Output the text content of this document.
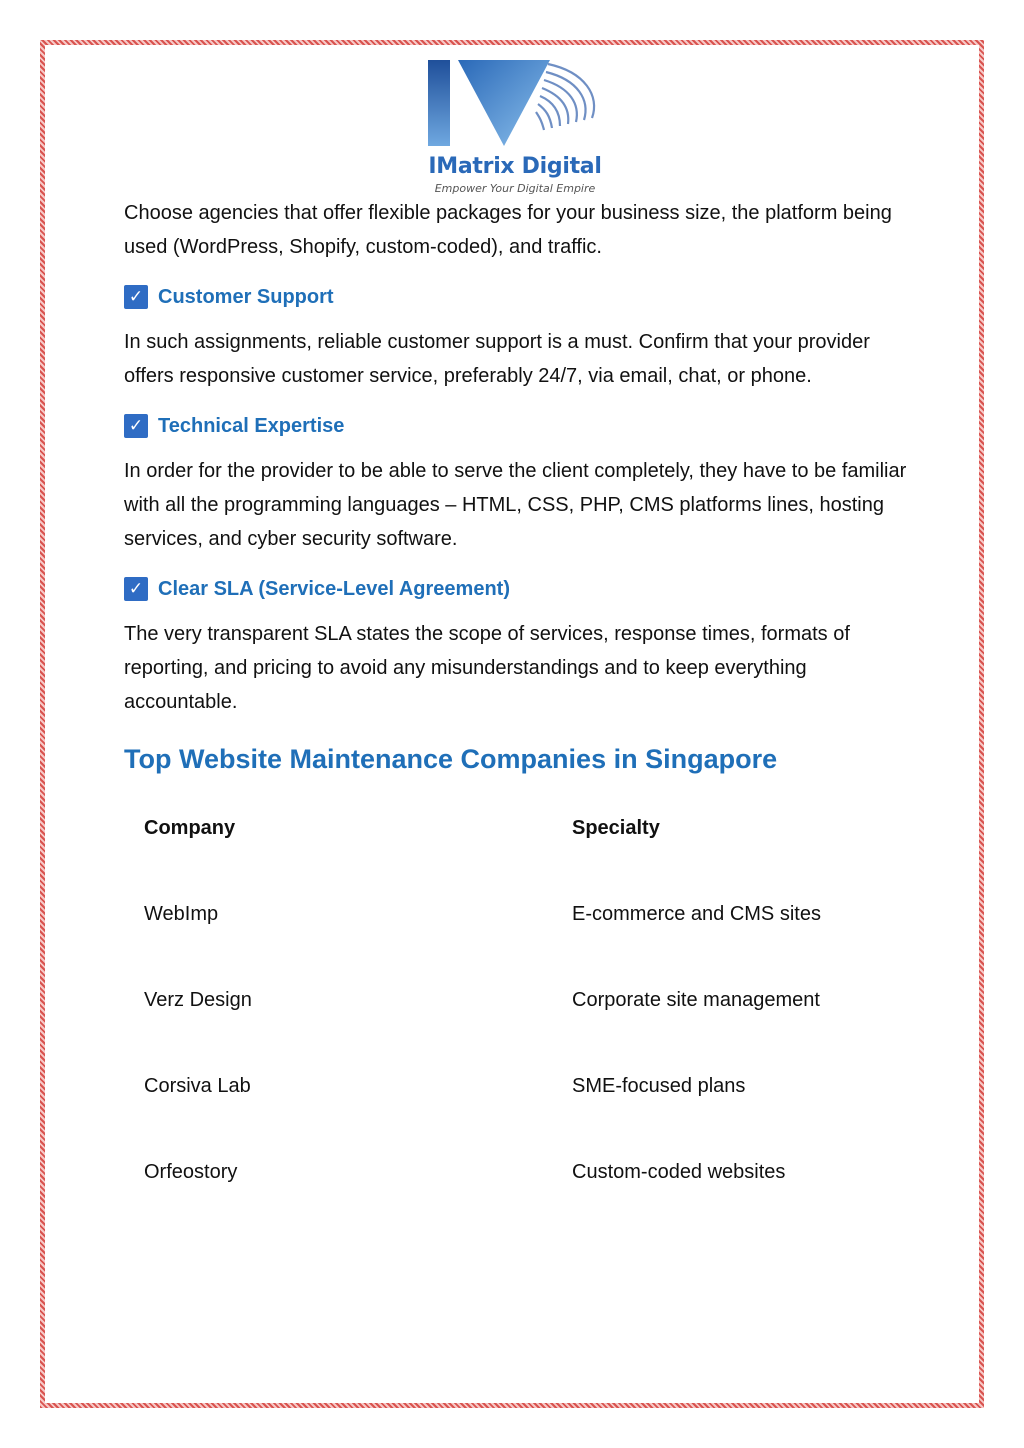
IMatrix Digital
Empower Your Digital Empire

Choose agencies that offer flexible packages for your business size, the platform being used (WordPress, Shopify, custom-coded), and traffic.

✓ Customer Support

In such assignments, reliable customer support is a must. Confirm that your provider offers responsive customer service, preferably 24/7, via email, chat, or phone.

✓ Technical Expertise

In order for the provider to be able to serve the client completely, they have to be familiar with all the programming languages – HTML, CSS, PHP, CMS platforms lines, hosting services, and cyber security software.

✓ Clear SLA (Service-Level Agreement)

The very transparent SLA states the scope of services, response times, formats of reporting, and pricing to avoid any misunderstandings and to keep everything accountable.

Top Website Maintenance Companies in Singapore
Company	Specialty
WebImp	E-commerce and CMS sites
Verz Design	Corporate site management
Corsiva Lab	SME-focused plans
Orfeostory	Custom-coded websites
